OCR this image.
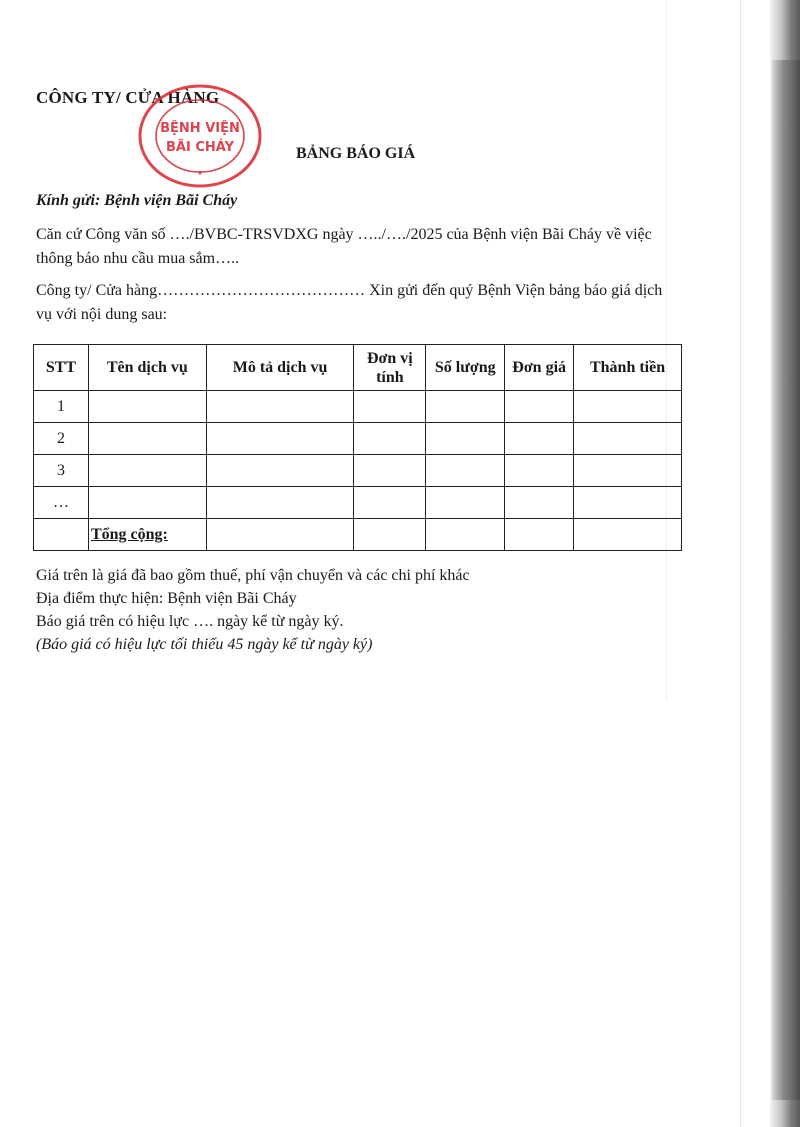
CÔNG TY/ CỬA HÀNG
BỆNH VIỆN
BÃI CHÁY
★
BẢNG BÁO GIÁ
Kính gửi: Bệnh viện Bãi Cháy
Căn cứ Công văn số …./BVBC-TRSVDXG ngày …../…./2025 của Bệnh viện Bãi Cháy về việc thông báo nhu cầu mua sắm…..
Công ty/ Cửa hàng………………………………… Xin gửi đến quý Bệnh Viện bảng báo giá dịch vụ với nội dung sau:
STT	Tên dịch vụ	Mô tả dịch vụ	Đơn vị tính	Số lượng	Đơn giá	Thành tiền
1						
2						
3						
…						
	Tổng cộng:					
Giá trên là giá đã bao gồm thuế, phí vận chuyển và các chi phí khác
Địa điểm thực hiện: Bệnh viện Bãi Cháy
Báo giá trên có hiệu lực …. ngày kể từ ngày ký.
(Báo giá có hiệu lực tối thiểu 45 ngày kể từ ngày ký)
